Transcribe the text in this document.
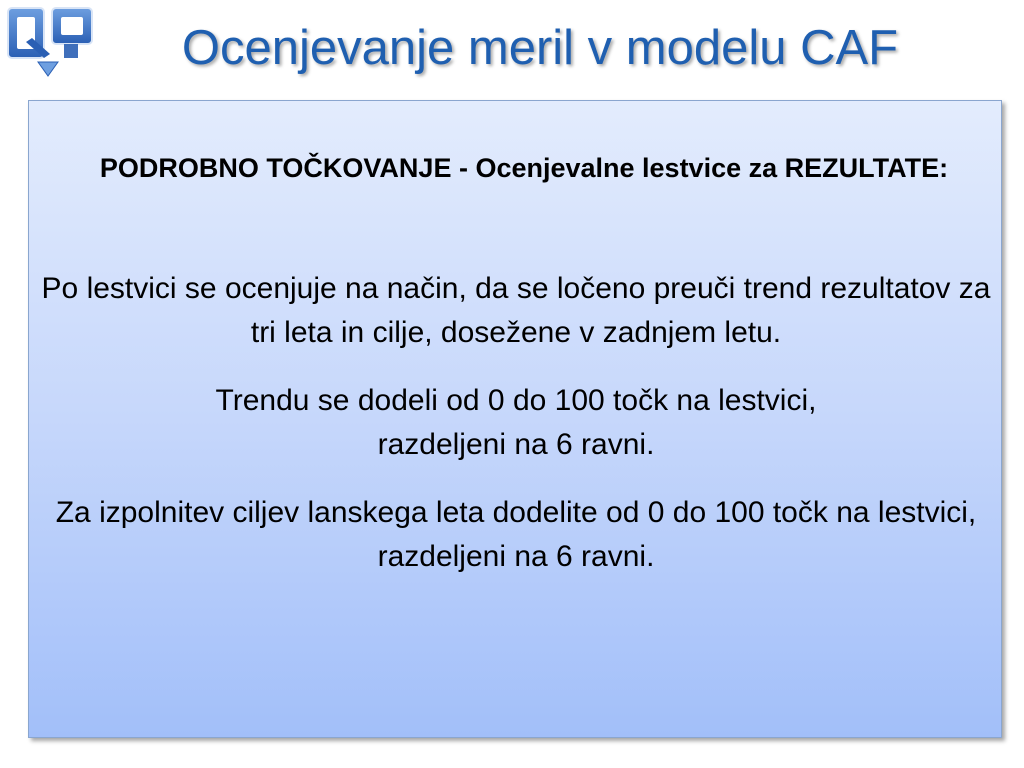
Ocenjevanje meril v modelu CAF
PODROBNO TOČKOVANJE - Ocenjevalne lestvice za REZULTATE:
Po lestvici se ocenjuje na način, da se ločeno preuči trend rezultatov za tri leta in cilje, dosežene v zadnjem letu.
Trendu se dodeli od 0 do 100 točk na lestvici,
razdeljeni na 6 ravni.
Za izpolnitev ciljev lanskega leta dodelite od 0 do 100 točk na lestvici, razdeljeni na 6 ravni.
